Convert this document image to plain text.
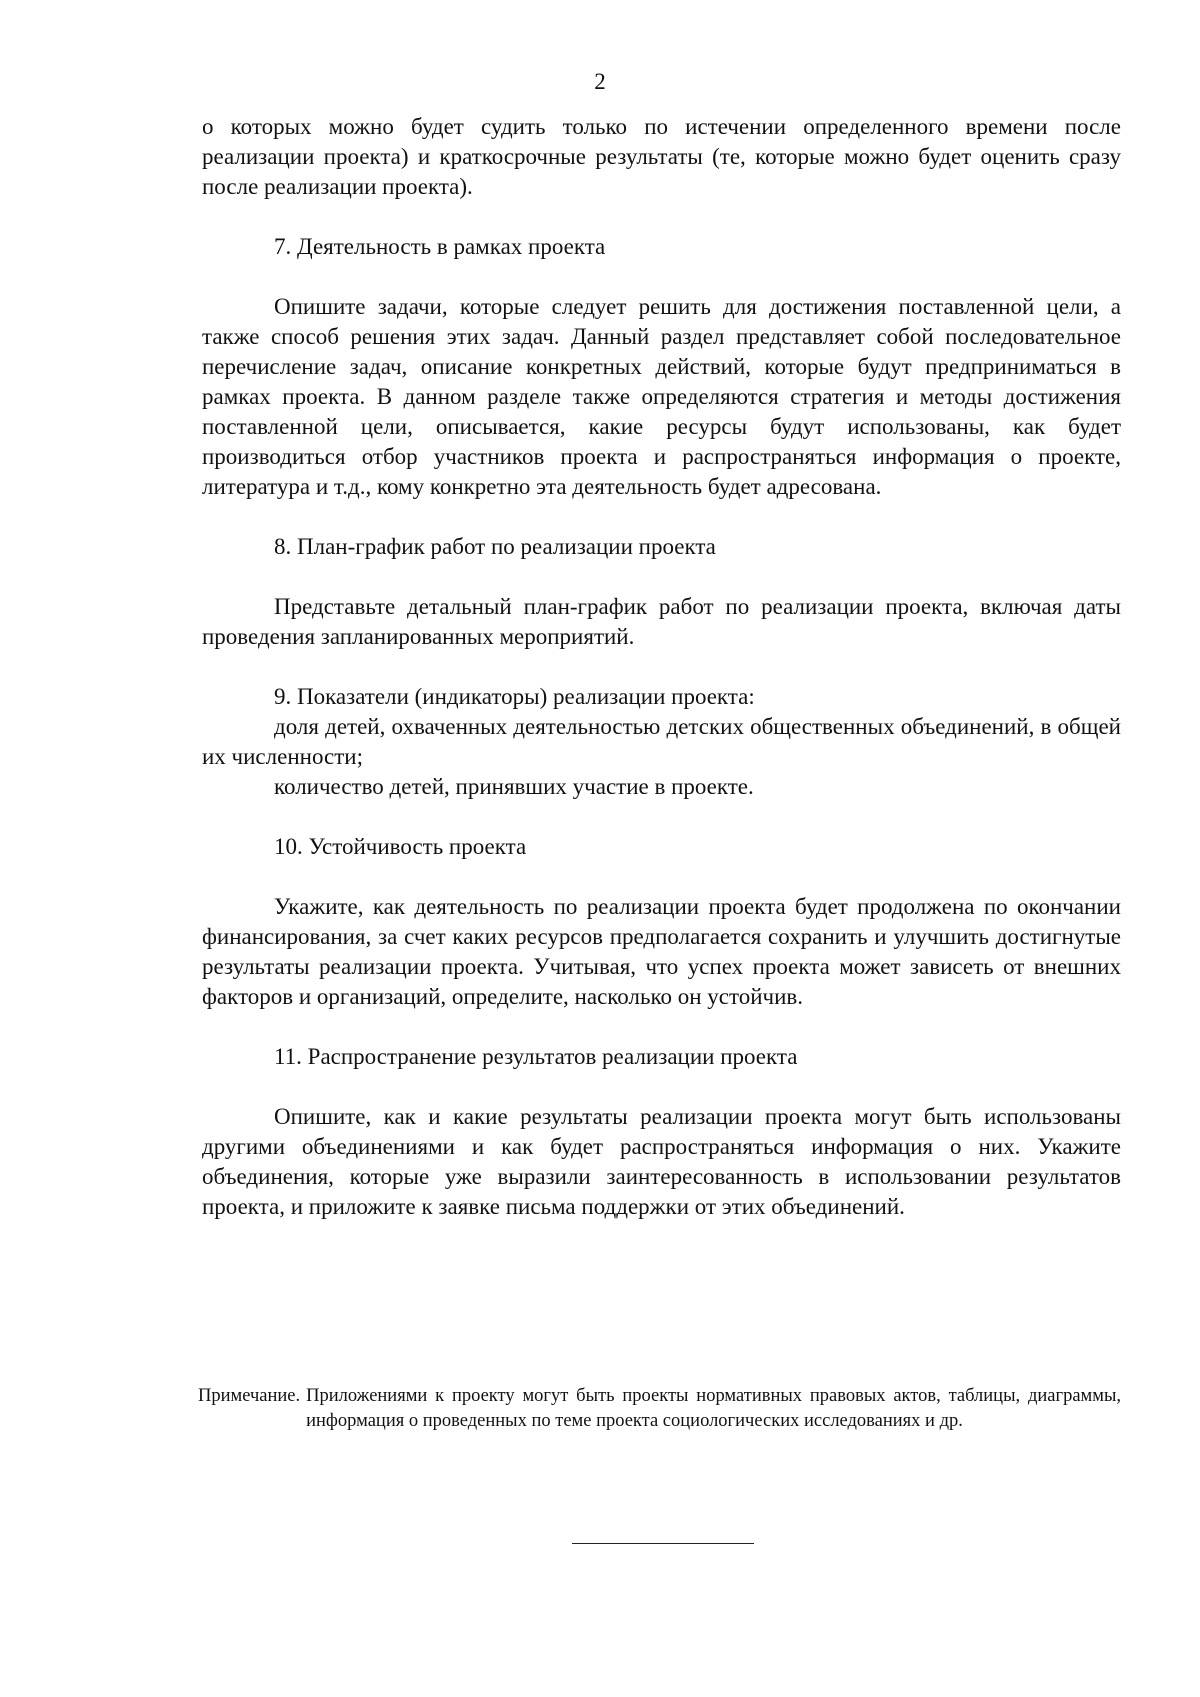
2

о которых можно будет судить только по истечении определенного времени после реализации проекта) и краткосрочные результаты (те, которые можно будет оценить сразу после реализации проекта).

7. Деятельность в рамках проекта

Опишите задачи, которые следует решить для достижения поставленной цели, а также способ решения этих задач. Данный раздел представляет собой последовательное перечисление задач, описание конкретных действий, которые будут предприниматься в рамках проекта. В данном разделе также определяются стратегия и методы достижения поставленной цели, описывается, какие ресурсы будут использованы, как будет производиться отбор участников проекта и распространяться информация о проекте, литература и т.д., кому конкретно эта деятельность будет адресована.

8. План-график работ по реализации проекта

Представьте детальный план-график работ по реализации проекта, включая даты проведения запланированных мероприятий.

9. Показатели (индикаторы) реализации проекта:

доля детей, охваченных деятельностью детских общественных объединений, в общей их численности;

количество детей, принявших участие в проекте.

10. Устойчивость проекта

Укажите, как деятельность по реализации проекта будет продолжена по окончании финансирования, за счет каких ресурсов предполагается сохранить и улучшить достигнутые результаты реализации проекта. Учитывая, что успех проекта может зависеть от внешних факторов и организаций, определите, насколько он устойчив.

11. Распространение результатов реализации проекта

Опишите, как и какие результаты реализации проекта могут быть использованы другими объединениями и как будет распространяться информация о них. Укажите объединения, которые уже выразили заинтересованность в использовании результатов проекта, и приложите к заявке письма поддержки от этих объединений.

Примечание. Приложениями к проекту могут быть проекты нормативных правовых актов, таблицы, диаграммы, информация о проведенных по теме проекта социологических исследованиях и др.
